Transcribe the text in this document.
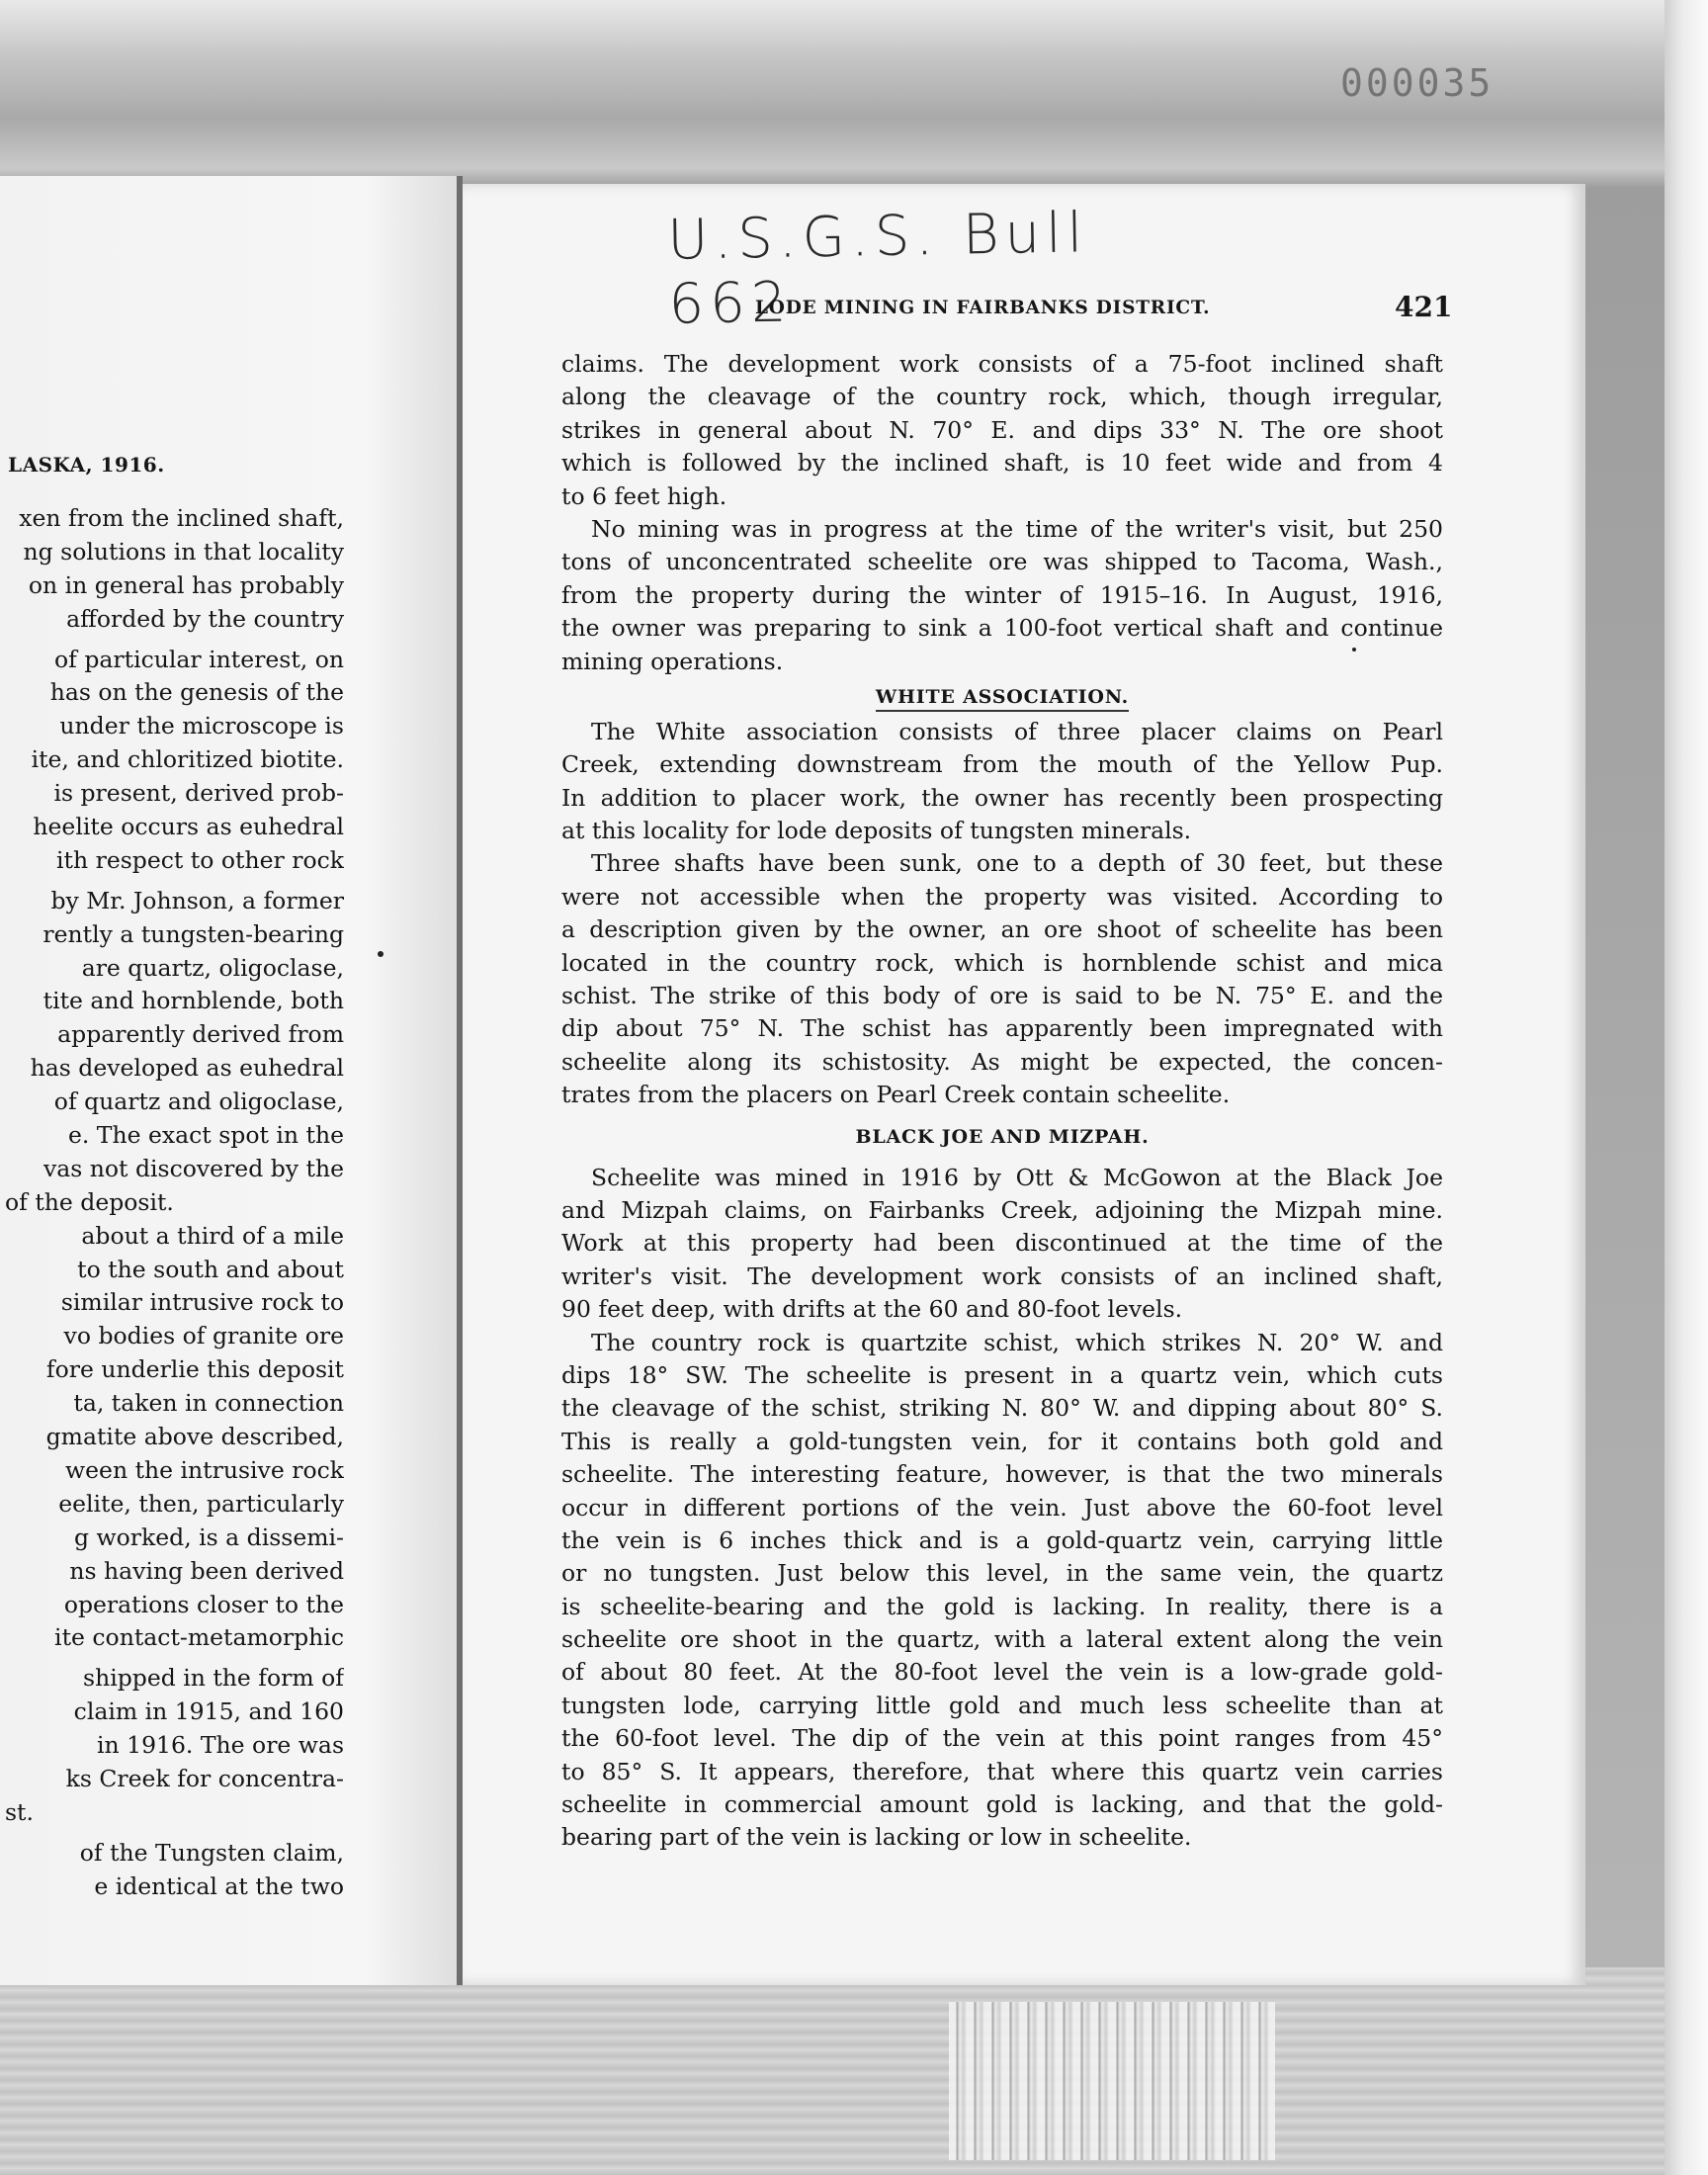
000035
LASKA, 1916.
xen from the inclined shaft,
ng solutions in that locality
on in general has probably
afforded by the country
of particular interest, on
has on the genesis of the
under the microscope is
ite, and chloritized biotite.
is present, derived prob-
heelite occurs as euhedral
ith respect to other rock
by Mr. Johnson, a former
rently a tungsten-bearing
are quartz, oligoclase,
tite and hornblende, both
apparently derived from
has developed as euhedral
of quartz and oligoclase,
e. The exact spot in the
vas not discovered by the
of the deposit.
about a third of a mile
to the south and about
similar intrusive rock to
vo bodies of granite ore
fore underlie this deposit
ta, taken in connection
gmatite above described,
ween the intrusive rock
eelite, then, particularly
g worked, is a dissemi-
ns having been derived
operations closer to the
ite contact-metamorphic
shipped in the form of
claim in 1915, and 160
in 1916. The ore was
ks Creek for concentra-
st.
of the Tungsten claim,
e identical at the two
U.S.G.S. Bull 662
LODE MINING IN FAIRBANKS DISTRICT.	421
claims. The development work consists of a 75-foot inclined shaft
along the cleavage of the country rock, which, though irregular,
strikes in general about N. 70° E. and dips 33° N. The ore shoot
which is followed by the inclined shaft, is 10 feet wide and from 4
to 6 feet high.
No mining was in progress at the time of the writer's visit, but 250
tons of unconcentrated scheelite ore was shipped to Tacoma, Wash.,
from the property during the winter of 1915–16. In August, 1916,
the owner was preparing to sink a 100-foot vertical shaft and continue
mining operations.
WHITE ASSOCIATION.
The White association consists of three placer claims on Pearl
Creek, extending downstream from the mouth of the Yellow Pup.
In addition to placer work, the owner has recently been prospecting
at this locality for lode deposits of tungsten minerals.
Three shafts have been sunk, one to a depth of 30 feet, but these
were not accessible when the property was visited. According to
a description given by the owner, an ore shoot of scheelite has been
located in the country rock, which is hornblende schist and mica
schist. The strike of this body of ore is said to be N. 75° E. and the
dip about 75° N. The schist has apparently been impregnated with
scheelite along its schistosity. As might be expected, the concen-
trates from the placers on Pearl Creek contain scheelite.
BLACK JOE AND MIZPAH.
Scheelite was mined in 1916 by Ott & McGowon at the Black Joe
and Mizpah claims, on Fairbanks Creek, adjoining the Mizpah mine.
Work at this property had been discontinued at the time of the
writer's visit. The development work consists of an inclined shaft,
90 feet deep, with drifts at the 60 and 80-foot levels.
The country rock is quartzite schist, which strikes N. 20° W. and
dips 18° SW. The scheelite is present in a quartz vein, which cuts
the cleavage of the schist, striking N. 80° W. and dipping about 80° S.
This is really a gold-tungsten vein, for it contains both gold and
scheelite. The interesting feature, however, is that the two minerals
occur in different portions of the vein. Just above the 60-foot level
the vein is 6 inches thick and is a gold-quartz vein, carrying little
or no tungsten. Just below this level, in the same vein, the quartz
is scheelite-bearing and the gold is lacking. In reality, there is a
scheelite ore shoot in the quartz, with a lateral extent along the vein
of about 80 feet. At the 80-foot level the vein is a low-grade gold-
tungsten lode, carrying little gold and much less scheelite than at
the 60-foot level. The dip of the vein at this point ranges from 45°
to 85° S. It appears, therefore, that where this quartz vein carries
scheelite in commercial amount gold is lacking, and that the gold-
bearing part of the vein is lacking or low in scheelite.
